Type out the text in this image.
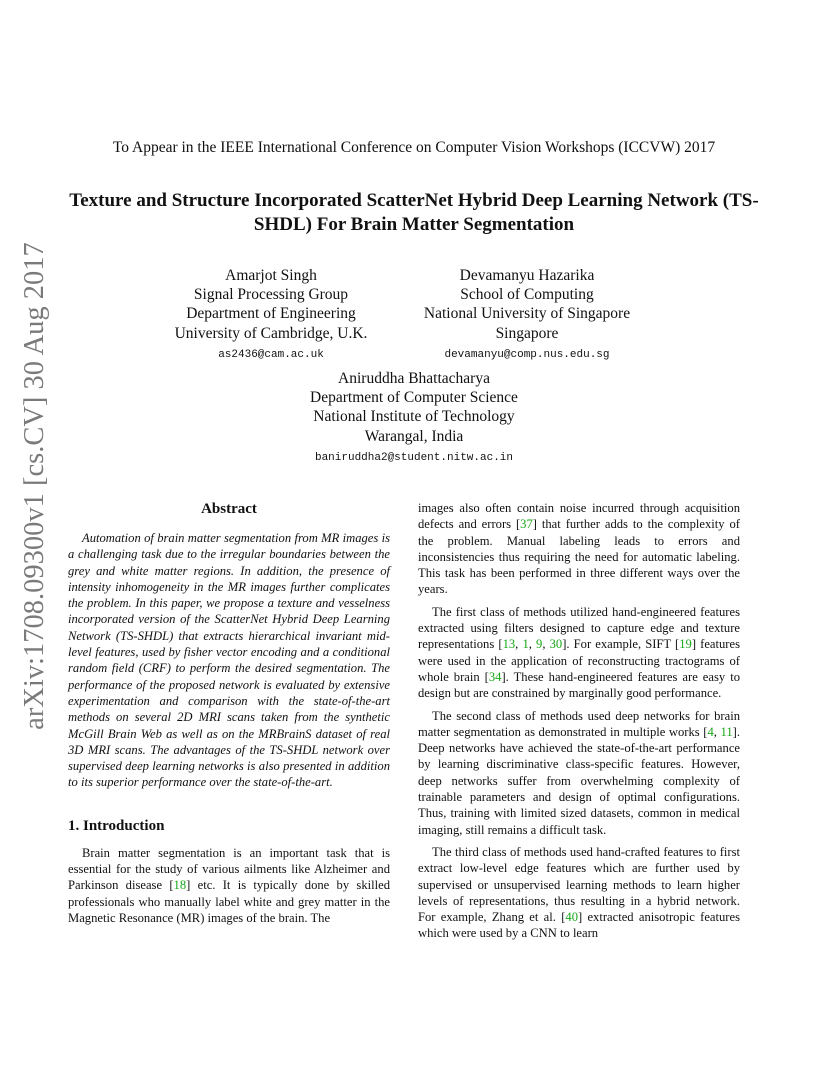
To Appear in the IEEE International Conference on Computer Vision Workshops (ICCVW) 2017
Texture and Structure Incorporated ScatterNet Hybrid Deep Learning Network (TS-SHDL) For Brain Matter Segmentation
Amarjot Singh
Signal Processing Group
Department of Engineering
University of Cambridge, U.K.
as2436@cam.ac.uk
Devamanyu Hazarika
School of Computing
National University of Singapore
Singapore
devamanyu@comp.nus.edu.sg
Aniruddha Bhattacharya
Department of Computer Science
National Institute of Technology
Warangal, India
baniruddha2@student.nitw.ac.in
arXiv:1708.09300v1 [cs.CV] 30 Aug 2017	Abstract

Automation of brain matter segmentation from MR images is a challenging task due to the irregular boundaries between the grey and white matter regions. In addition, the presence of intensity inhomogeneity in the MR images further complicates the problem. In this paper, we propose a texture and vesselness incorporated version of the ScatterNet Hybrid Deep Learning Network (TS-SHDL) that extracts hierarchical invariant mid-level features, used by fisher vector encoding and a conditional random field (CRF) to perform the desired segmentation. The performance of the proposed network is evaluated by extensive experimentation and comparison with the state-of-the-art methods on several 2D MRI scans taken from the synthetic McGill Brain Web as well as on the MRBrainS dataset of real 3D MRI scans. The advantages of the TS-SHDL network over supervised deep learning networks is also presented in addition to its superior performance over the state-of-the-art.

1. Introduction

Brain matter segmentation is an important task that is essential for the study of various ailments like Alzheimer and Parkinson disease [18] etc. It is typically done by skilled professionals who manually label white and grey matter in the Magnetic Resonance (MR) images of the brain. The

images also often contain noise incurred through acquisition defects and errors [37] that further adds to the complexity of the problem. Manual labeling leads to errors and inconsistencies thus requiring the need for automatic labeling. This task has been performed in three different ways over the years.

The first class of methods utilized hand-engineered features extracted using filters designed to capture edge and texture representations [13, 1, 9, 30]. For example, SIFT [19] features were used in the application of reconstructing tractograms of whole brain [34]. These hand-engineered features are easy to design but are constrained by marginally good performance.

The second class of methods used deep networks for brain matter segmentation as demonstrated in multiple works [4, 11]. Deep networks have achieved the state-of-the-art performance by learning discriminative class-specific features. However, deep networks suffer from overwhelming complexity of trainable parameters and design of optimal configurations. Thus, training with limited sized datasets, common in medical imaging, still remains a difficult task.

The third class of methods used hand-crafted features to first extract low-level edge features which are further used by supervised or unsupervised learning methods to learn higher levels of representations, thus resulting in a hybrid network. For example, Zhang et al. [40] extracted anisotropic features which were used by a CNN to learn
